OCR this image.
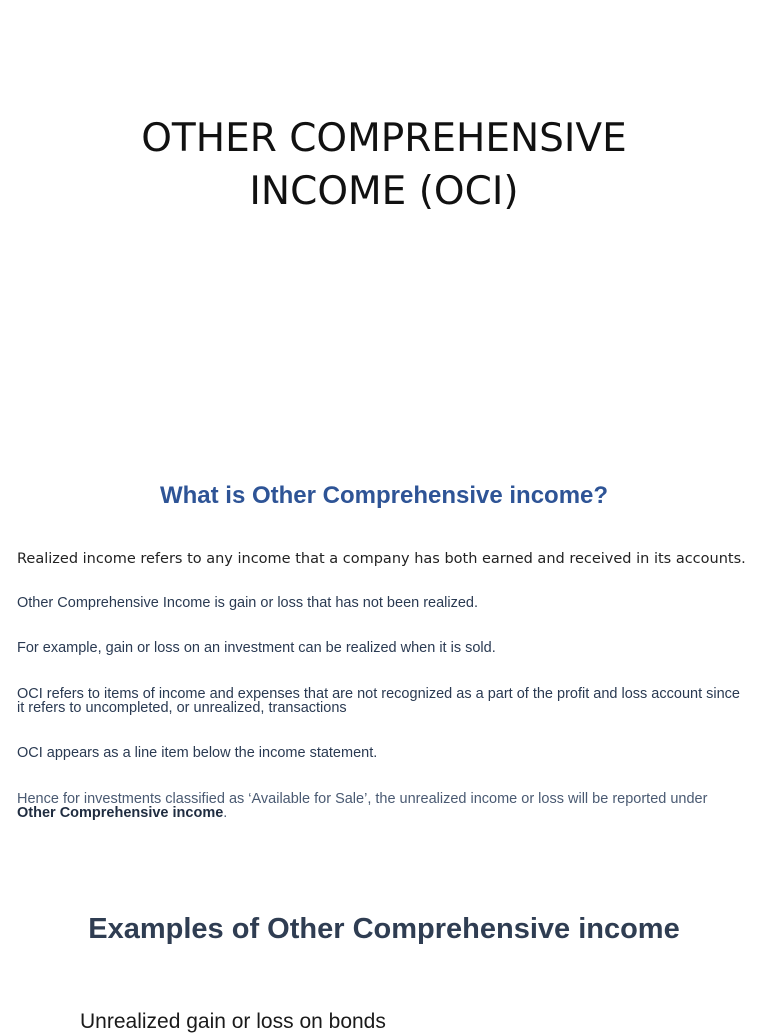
OTHER COMPREHENSIVE
INCOME (OCI)
What is Other Comprehensive income?

Realized income refers to any income that a company has both earned and received in its accounts.

Other Comprehensive Income is gain or loss that has not been realized.

For example, gain or loss on an investment can be realized when it is sold.

OCI refers to items of income and expenses that are not recognized as a part of the profit and loss account since it refers to uncompleted, or unrealized, transactions

OCI appears as a line item below the income statement.

Hence for investments classified as ‘Available for Sale’, the unrealized income or loss will be reported under Other Comprehensive income.

Examples of Other Comprehensive income

Unrealized gain or loss on bonds
